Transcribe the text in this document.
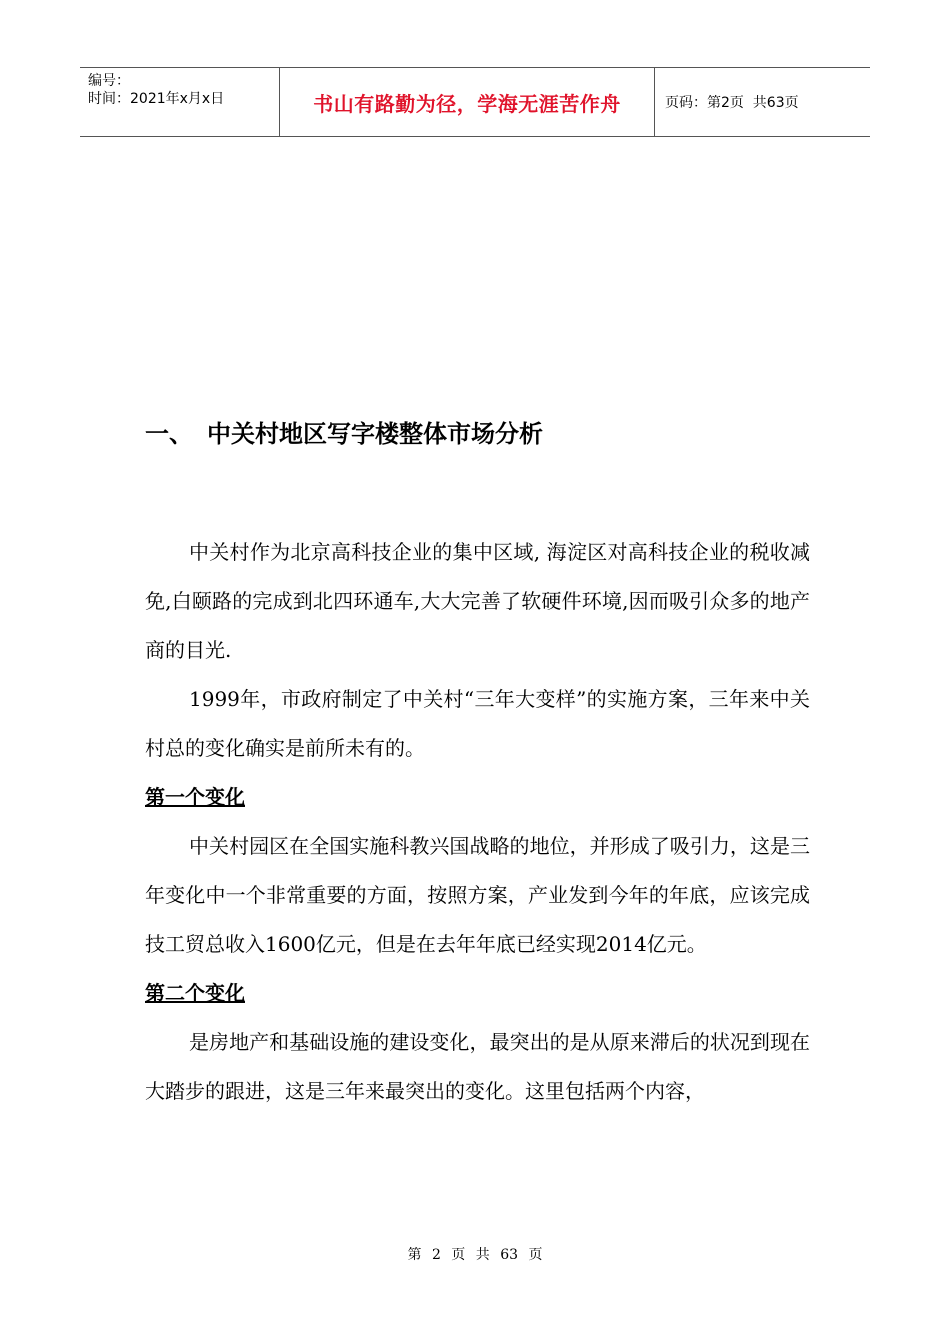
编号：
时间：2021年x月x日	书山有路勤为径，学海无涯苦作舟	页码：第2页  共63页
一、 中关村地区写字楼整体市场分析

中关村作为北京高科技企业的集中区域, 海淀区对高科技企业的税收减免,白颐路的完成到北四环通车,大大完善了软硬件环境,因而吸引众多的地产商的目光.

1999年，市政府制定了中关村“三年大变样”的实施方案，三年来中关村总的变化确实是前所未有的。

第一个变化

中关村园区在全国实施科教兴国战略的地位，并形成了吸引力，这是三年变化中一个非常重要的方面，按照方案，产业发到今年的年底，应该完成技工贸总收入1600亿元，但是在去年年底已经实现2014亿元。

第二个变化

是房地产和基础设施的建设变化，最突出的是从原来滞后的状况到现在大踏步的跟进，这是三年来最突出的变化。这里包括两个内容，

第 2 页 共 63 页
